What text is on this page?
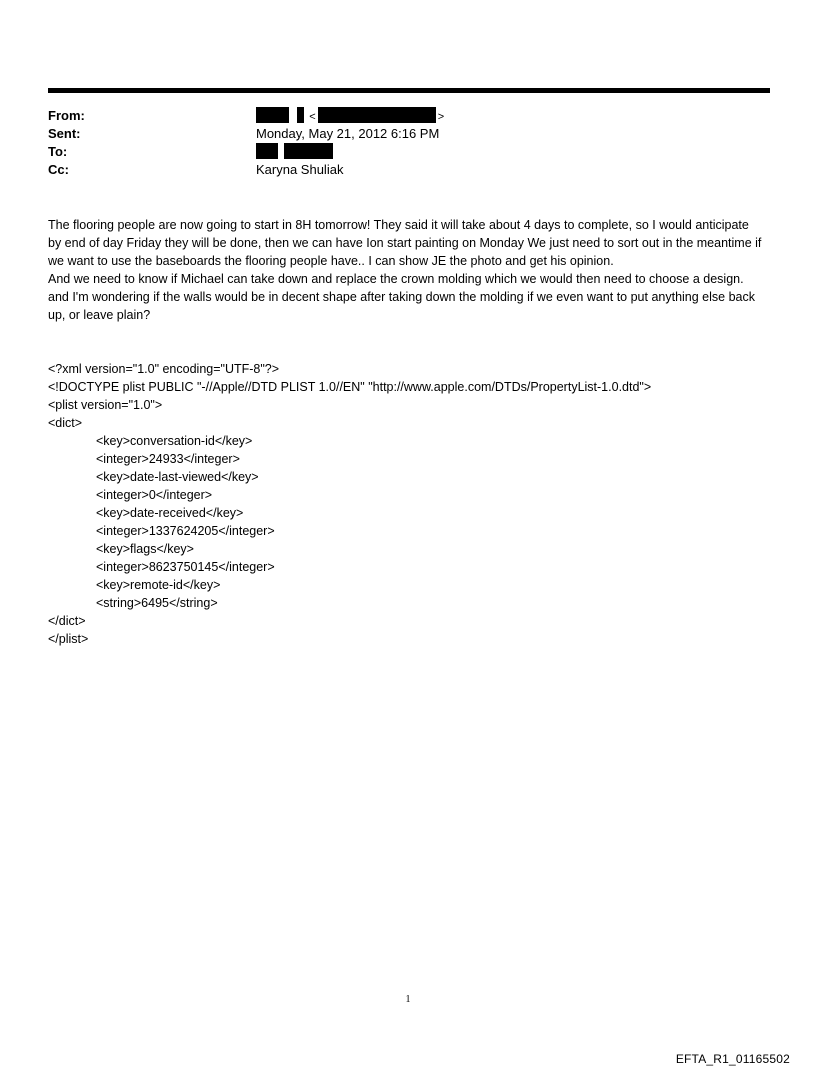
From:	<	>
Sent:	Monday, May 21, 2012 6:16 PM
To:

Cc:	Karyna Shuliak

The flooring people are now going to start in 8H tomorrow! They said it will take about 4 days to complete, so I would anticipate by end of day Friday they will be done, then we can have Ion start painting on Monday We just need to sort out in the meantime if we want to use the baseboards the flooring people have.. I can show JE the photo and get his opinion.

And we need to know if Michael can take down and replace the crown molding which we would then need to choose a design. and I'm wondering if the walls would be in decent shape after taking down the molding if we even want to put anything else back up, or leave plain?

<?xml version="1.0" encoding="UTF-8"?>
<!DOCTYPE plist PUBLIC "-//Apple//DTD PLIST 1.0//EN" "http://www.apple.com/DTDs/PropertyList-1.0.dtd">
<plist version="1.0">
<dict>
<key>conversation-id</key>
<integer>24933</integer>
<key>date-last-viewed</key>
<integer>0</integer>
<key>date-received</key>
<integer>1337624205</integer>
<key>flags</key>
<integer>8623750145</integer>
<key>remote-id</key>
<string>6495</string>
</dict>
</plist>
1
EFTA_R1_01165502
